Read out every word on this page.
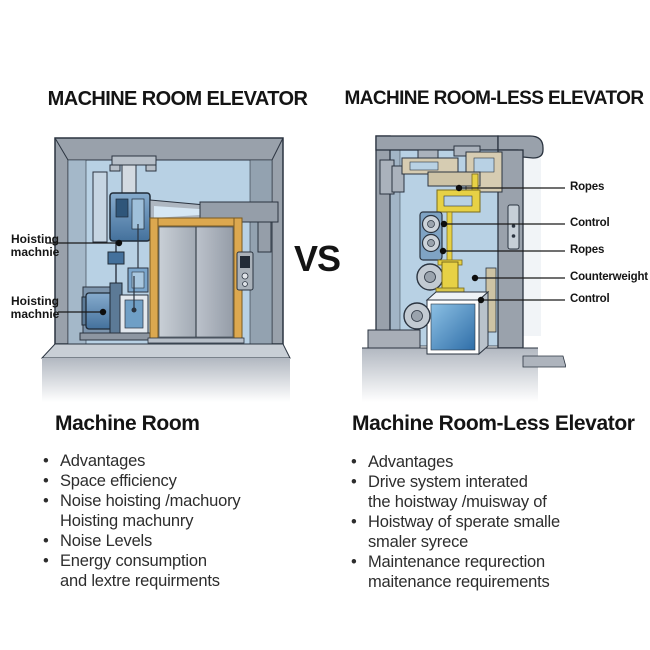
MACHINE ROOM ELEVATOR	MACHINE ROOM-LESS ELEVATOR
VS
Hoisting
machnie
Hoisting
machnie
Ropes
Control
Ropes
Counterweight
Control
Machine Room
• Advantages
• Space efficiency
• Noise hoisting /machuory
Hoisting machunry
• Noise Levels
• Energy consumption
and lextre requirments
Machine Room-Less Elevator
• Advantages
• Drive system interated
the hoistway /muisway of
• Hoistway of sperate smalle
smaler syrece
• Maintenance requrection
maitenance requirements
